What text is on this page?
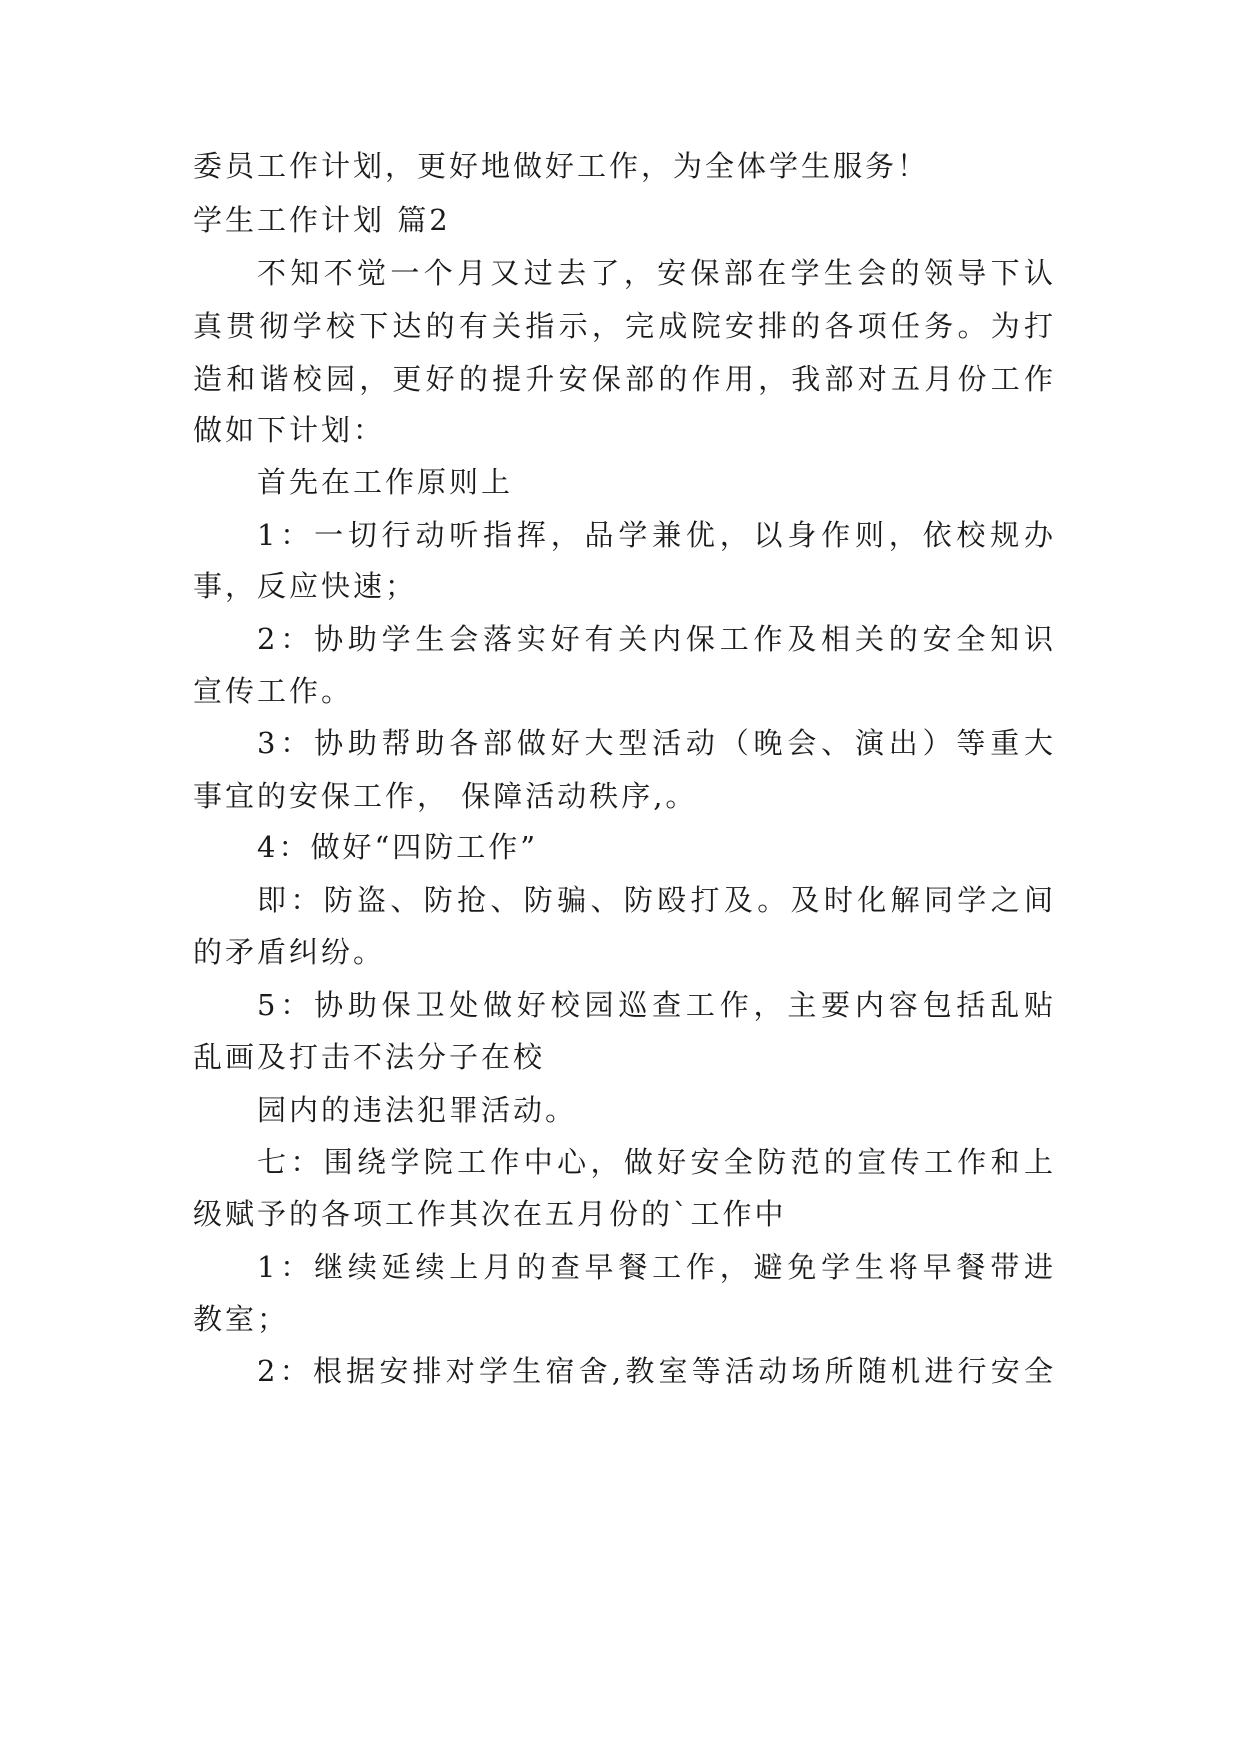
委员工作计划，更好地做好工作，为全体学生服务！

学生工作计划 篇2

不知不觉一个月又过去了，安保部在学生会的领导下认

真贯彻学校下达的有关指示，完成院安排的各项任务。为打

造和谐校园，更好的提升安保部的作用，我部对五月份工作

做如下计划：

首先在工作原则上

1：一切行动听指挥，品学兼优，以身作则，依校规办

事，反应快速；

2：协助学生会落实好有关内保工作及相关的安全知识

宣传工作。

3：协助帮助各部做好大型活动（晚会、演出）等重大

事宜的安保工作， 保障活动秩序,。

4：做好“四防工作”

即：防盗、防抢、防骗、防殴打及。及时化解同学之间

的矛盾纠纷。

5：协助保卫处做好校园巡查工作，主要内容包括乱贴

乱画及打击不法分子在校

园内的违法犯罪活动。

七：围绕学院工作中心，做好安全防范的宣传工作和上

级赋予的各项工作其次在五月份的`工作中

1：继续延续上月的查早餐工作，避免学生将早餐带进

教室；

2：根据安排对学生宿舍,教室等活动场所随机进行安全
